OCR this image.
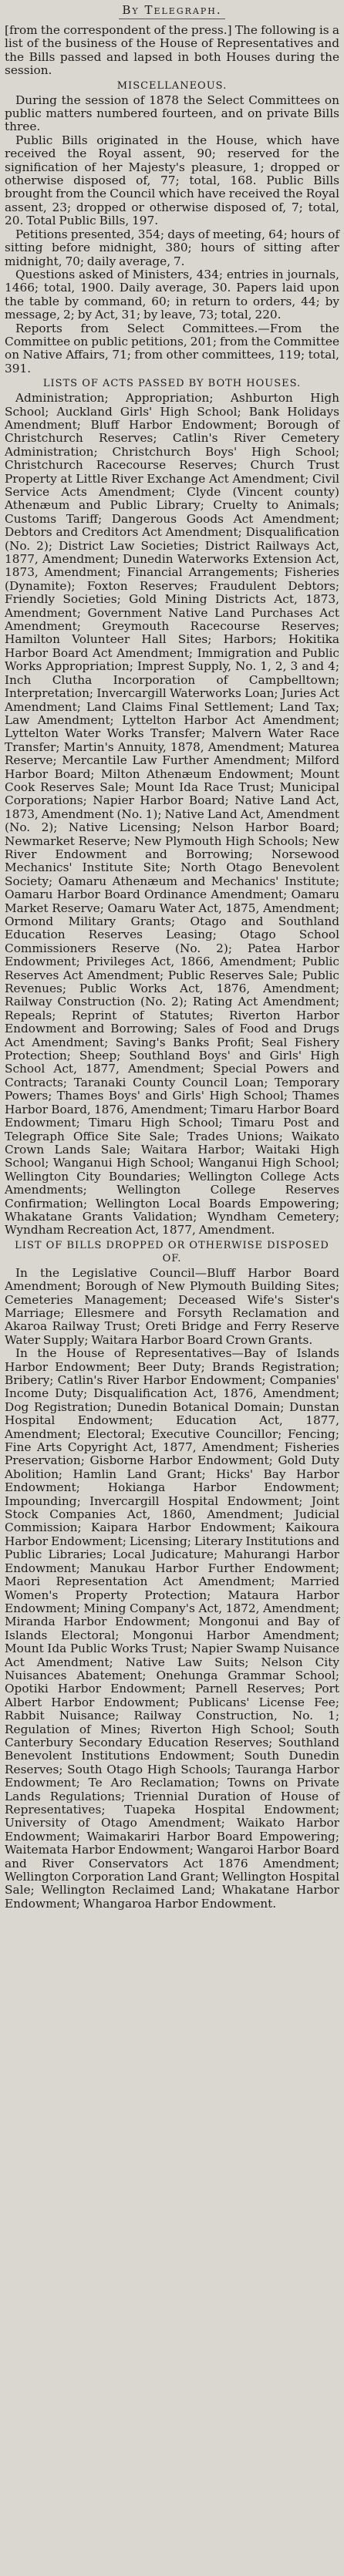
By Telegraph.

[from the correspondent of the press.] The following is a list of the business of the House of Representatives and the Bills passed and lapsed in both Houses during the session.

MISCELLANEOUS.

During the session of 1878 the Select Committees on public matters numbered fourteen, and on private Bills three.

Public Bills originated in the House, which have received the Royal assent, 90; reserved for the signification of her Majesty's pleasure, 1; dropped or otherwise disposed of, 77; total, 168. Public Bills brought from the Council which have received the Royal assent, 23; dropped or otherwise disposed of, 7; total, 20. Total Public Bills, 197.

Petitions presented, 354; days of meeting, 64; hours of sitting before midnight, 380; hours of sitting after midnight, 70; daily average, 7.

Questions asked of Ministers, 434; entries in journals, 1466; total, 1900. Daily average, 30. Papers laid upon the table by command, 60; in return to orders, 44; by message, 2; by Act, 31; by leave, 73; total, 220.

Reports from Select Committees.—From the Committee on public petitions, 201; from the Committee on Native Affairs, 71; from other committees, 119; total, 391.

LISTS OF ACTS PASSED BY BOTH HOUSES.

Administration; Appropriation; Ashburton High School; Auckland Girls' High School; Bank Holidays Amendment; Bluff Harbor Endowment; Borough of Christchurch Reserves; Catlin's River Cemetery Administration; Christchurch Boys' High School; Christchurch Racecourse Reserves; Church Trust Property at Little River Exchange Act Amendment; Civil Service Acts Amendment; Clyde (Vincent county) Athenæum and Public Library; Cruelty to Animals; Customs Tariff; Dangerous Goods Act Amendment; Debtors and Creditors Act Amendment; Disqualification (No. 2); District Law Societies; District Railways Act, 1877, Amendment; Dunedin Waterworks Extension Act, 1873, Amendment; Financial Arrangements; Fisheries (Dynamite); Foxton Reserves; Fraudulent Debtors; Friendly Societies; Gold Mining Districts Act, 1873, Amendment; Government Native Land Purchases Act Amendment; Greymouth Racecourse Reserves; Hamilton Volunteer Hall Sites; Harbors; Hokitika Harbor Board Act Amendment; Immigration and Public Works Appropriation; Imprest Supply, No. 1, 2, 3 and 4; Inch Clutha Incorporation of Campbelltown; Interpretation; Invercargill Waterworks Loan; Juries Act Amendment; Land Claims Final Settlement; Land Tax; Law Amendment; Lyttelton Harbor Act Amendment; Lyttelton Water Works Transfer; Malvern Water Race Transfer; Martin's Annuity, 1878, Amendment; Maturea Reserve; Mercantile Law Further Amendment; Milford Harbor Board; Milton Athenæum Endowment; Mount Cook Reserves Sale; Mount Ida Race Trust; Municipal Corporations; Napier Harbor Board; Native Land Act, 1873, Amendment (No. 1); Native Land Act, Amendment (No. 2); Native Licensing; Nelson Harbor Board; Newmarket Reserve; New Plymouth High Schools; New River Endowment and Borrowing; Norsewood Mechanics' Institute Site; North Otago Benevolent Society; Oamaru Athenæum and Mechanics' Institute; Oamaru Harbor Board Ordinance Amendment; Oamaru Market Reserve; Oamaru Water Act, 1875, Amendment; Ormond Military Grants; Otago and Southland Education Reserves Leasing; Otago School Commissioners Reserve (No. 2); Patea Harbor Endowment; Privileges Act, 1866, Amendment; Public Reserves Act Amendment; Public Reserves Sale; Public Revenues; Public Works Act, 1876, Amendment; Railway Construction (No. 2); Rating Act Amendment; Repeals; Reprint of Statutes; Riverton Harbor Endowment and Borrowing; Sales of Food and Drugs Act Amendment; Saving's Banks Profit; Seal Fishery Protection; Sheep; Southland Boys' and Girls' High School Act, 1877, Amendment; Special Powers and Contracts; Taranaki County Council Loan; Temporary Powers; Thames Boys' and Girls' High School; Thames Harbor Board, 1876, Amendment; Timaru Harbor Board Endowment; Timaru High School; Timaru Post and Telegraph Office Site Sale; Trades Unions; Waikato Crown Lands Sale; Waitara Harbor; Waitaki High School; Wanganui High School; Wanganui High School; Wellington City Boundaries; Wellington College Acts Amendments; Wellington College Reserves Confirmation; Wellington Local Boards Empowering; Whakatane Grants Validation; Wyndham Cemetery; Wyndham Recreation Act, 1877, Amendment.

LIST OF BILLS DROPPED OR OTHERWISE DISPOSED OF.

In the Legislative Council—Bluff Harbor Board Amendment; Borough of New Plymouth Building Sites; Cemeteries Management; Deceased Wife's Sister's Marriage; Ellesmere and Forsyth Reclamation and Akaroa Railway Trust; Oreti Bridge and Ferry Reserve Water Supply; Waitara Harbor Board Crown Grants.

In the House of Representatives—Bay of Islands Harbor Endowment; Beer Duty; Brands Registration; Bribery; Catlin's River Harbor Endowment; Companies' Income Duty; Disqualification Act, 1876, Amendment; Dog Registration; Dunedin Botanical Domain; Dunstan Hospital Endowment; Education Act, 1877, Amendment; Electoral; Executive Councillor; Fencing; Fine Arts Copyright Act, 1877, Amendment; Fisheries Preservation; Gisborne Harbor Endowment; Gold Duty Abolition; Hamlin Land Grant; Hicks' Bay Harbor Endowment; Hokianga Harbor Endowment; Impounding; Invercargill Hospital Endowment; Joint Stock Companies Act, 1860, Amendment; Judicial Commission; Kaipara Harbor Endowment; Kaikoura Harbor Endowment; Licensing; Literary Institutions and Public Libraries; Local Judicature; Mahurangi Harbor Endowment; Manukau Harbor Further Endowment; Maori Representation Act Amendment; Married Women's Property Protection; Mataura Harbor Endowment; Mining Company's Act, 1872, Amendment; Miranda Harbor Endowment; Mongonui and Bay of Islands Electoral; Mongonui Harbor Amendment; Mount Ida Public Works Trust; Napier Swamp Nuisance Act Amendment; Native Law Suits; Nelson City Nuisances Abatement; Onehunga Grammar School; Opotiki Harbor Endowment; Parnell Reserves; Port Albert Harbor Endowment; Publicans' License Fee; Rabbit Nuisance; Railway Construction, No. 1; Regulation of Mines; Riverton High School; South Canterbury Secondary Education Reserves; Southland Benevolent Institutions Endowment; South Dunedin Reserves; South Otago High Schools; Tauranga Harbor Endowment; Te Aro Reclamation; Towns on Private Lands Regulations; Triennial Duration of House of Representatives; Tuapeka Hospital Endowment; University of Otago Amendment; Waikato Harbor Endowment; Waimakariri Harbor Board Empowering; Waitemata Harbor Endowment; Wangaroi Harbor Board and River Conservators Act 1876 Amendment; Wellington Corporation Land Grant; Wellington Hospital Sale; Wellington Reclaimed Land; Whakatane Harbor Endowment; Whangaroa Harbor Endowment.
